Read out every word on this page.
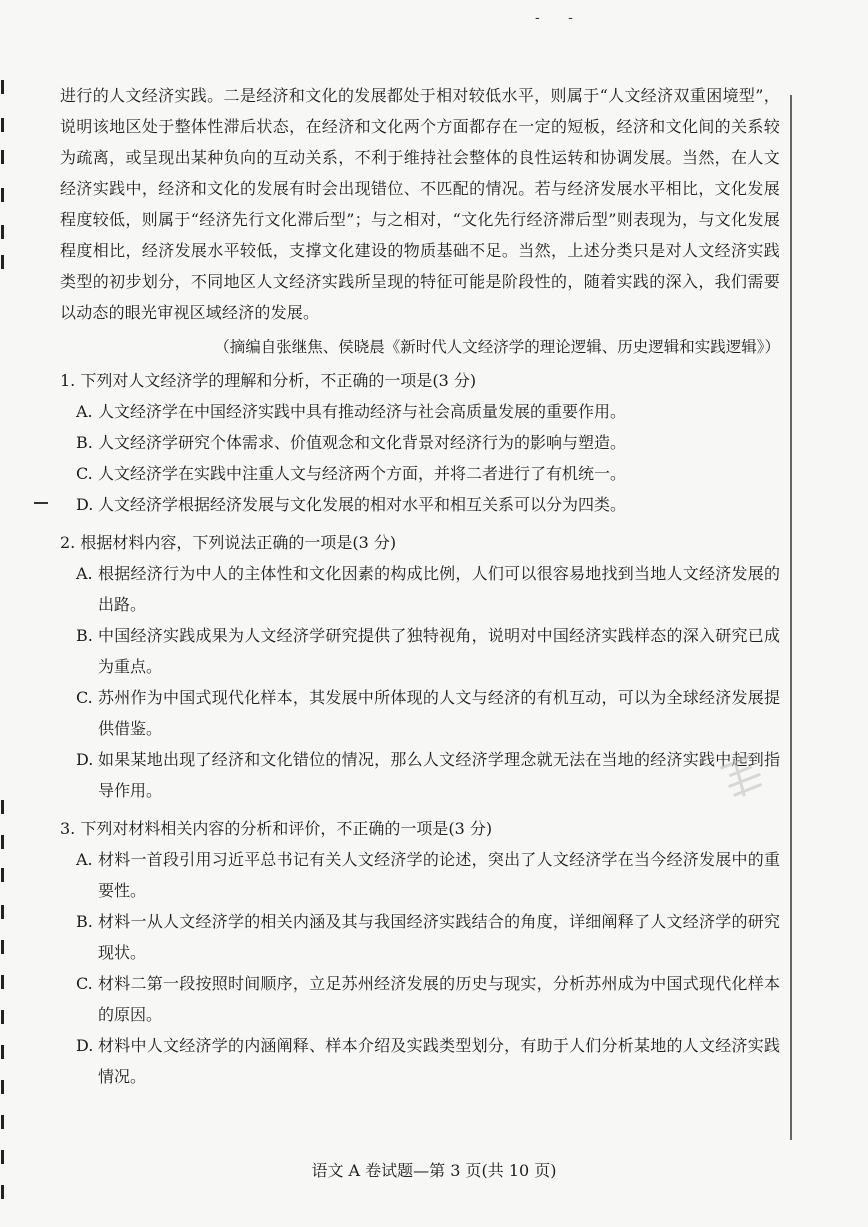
- -

进行的人文经济实践。二是经济和文化的发展都处于相对较低水平，则属于“人文经济双重困境型”，说明该地区处于整体性滞后状态，在经济和文化两个方面都存在一定的短板，经济和文化间的关系较为疏离，或呈现出某种负向的互动关系，不利于维持社会整体的良性运转和协调发展。当然，在人文经济实践中，经济和文化的发展有时会出现错位、不匹配的情况。若与经济发展水平相比，文化发展程度较低，则属于“经济先行文化滞后型”；与之相对，“文化先行经济滞后型”则表现为，与文化发展程度相比，经济发展水平较低，支撑文化建设的物质基础不足。当然，上述分类只是对人文经济实践类型的初步划分，不同地区人文经济实践所呈现的特征可能是阶段性的，随着实践的深入，我们需要以动态的眼光审视区域经济的发展。

（摘编自张继焦、侯晓晨《新时代人文经济学的理论逻辑、历史逻辑和实践逻辑》）

1. 下列对人文经济学的理解和分析，不正确的一项是(3 分)

A. 人文经济学在中国经济实践中具有推动经济与社会高质量发展的重要作用。
B. 人文经济学研究个体需求、价值观念和文化背景对经济行为的影响与塑造。
C. 人文经济学在实践中注重人文与经济两个方面，并将二者进行了有机统一。
D. 人文经济学根据经济发展与文化发展的相对水平和相互关系可以分为四类。

2. 根据材料内容，下列说法正确的一项是(3 分)

A. 根据经济行为中人的主体性和文化因素的构成比例，人们可以很容易地找到当地人文经济发展的出路。
B. 中国经济实践成果为人文经济学研究提供了独特视角，说明对中国经济实践样态的深入研究已成为重点。
C. 苏州作为中国式现代化样本，其发展中所体现的人文与经济的有机互动，可以为全球经济发展提供借鉴。
D. 如果某地出现了经济和文化错位的情况，那么人文经济学理念就无法在当地的经济实践中起到指导作用。

3. 下列对材料相关内容的分析和评价，不正确的一项是(3 分)

A. 材料一首段引用习近平总书记有关人文经济学的论述，突出了人文经济学在当今经济发展中的重要性。
B. 材料一从人文经济学的相关内涵及其与我国经济实践结合的角度，详细阐释了人文经济学的研究现状。
C. 材料二第一段按照时间顺序，立足苏州经济发展的历史与现实，分析苏州成为中国式现代化样本的原因。
D. 材料中人文经济学的内涵阐释、样本介绍及实践类型划分，有助于人们分析某地的人文经济实践情况。
语文 A 卷试题—第 3 页(共 10 页)
